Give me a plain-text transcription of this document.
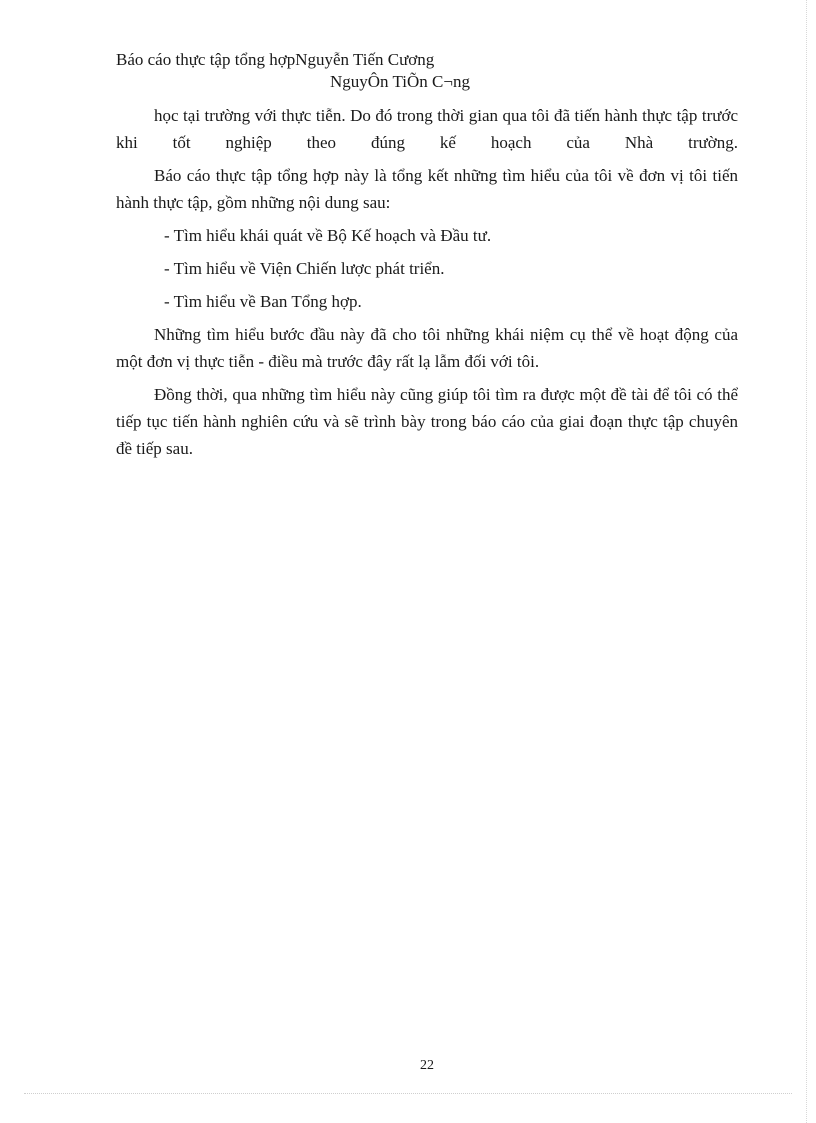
Báo cáo thực tập tổng hợpNguyễn Tiến Cương
NguyÔn TiÕn C¬ng

học tại trường với thực tiễn. Do đó trong thời gian qua tôi đã tiến hành thực tập trước khi tốt nghiệp theo đúng kế hoạch của Nhà trường.

Báo cáo thực tập tổng hợp này là tổng kết những tìm hiểu của tôi về đơn vị tôi tiến hành thực tập, gồm những nội dung sau:

- Tìm hiểu khái quát về Bộ Kế hoạch và Đầu tư.

- Tìm hiểu về Viện Chiến lược phát triển.

- Tìm hiểu về Ban Tổng hợp.

Những tìm hiểu bước đầu này đã cho tôi những khái niệm cụ thể về hoạt động của một đơn vị thực tiễn - điều mà trước đây rất lạ lẫm đối với tôi.

Đồng thời, qua những tìm hiểu này cũng giúp tôi tìm ra được một đề tài để tôi có thể tiếp tục tiến hành nghiên cứu và sẽ trình bày trong báo cáo của giai đoạn thực tập chuyên đề tiếp sau.

22
